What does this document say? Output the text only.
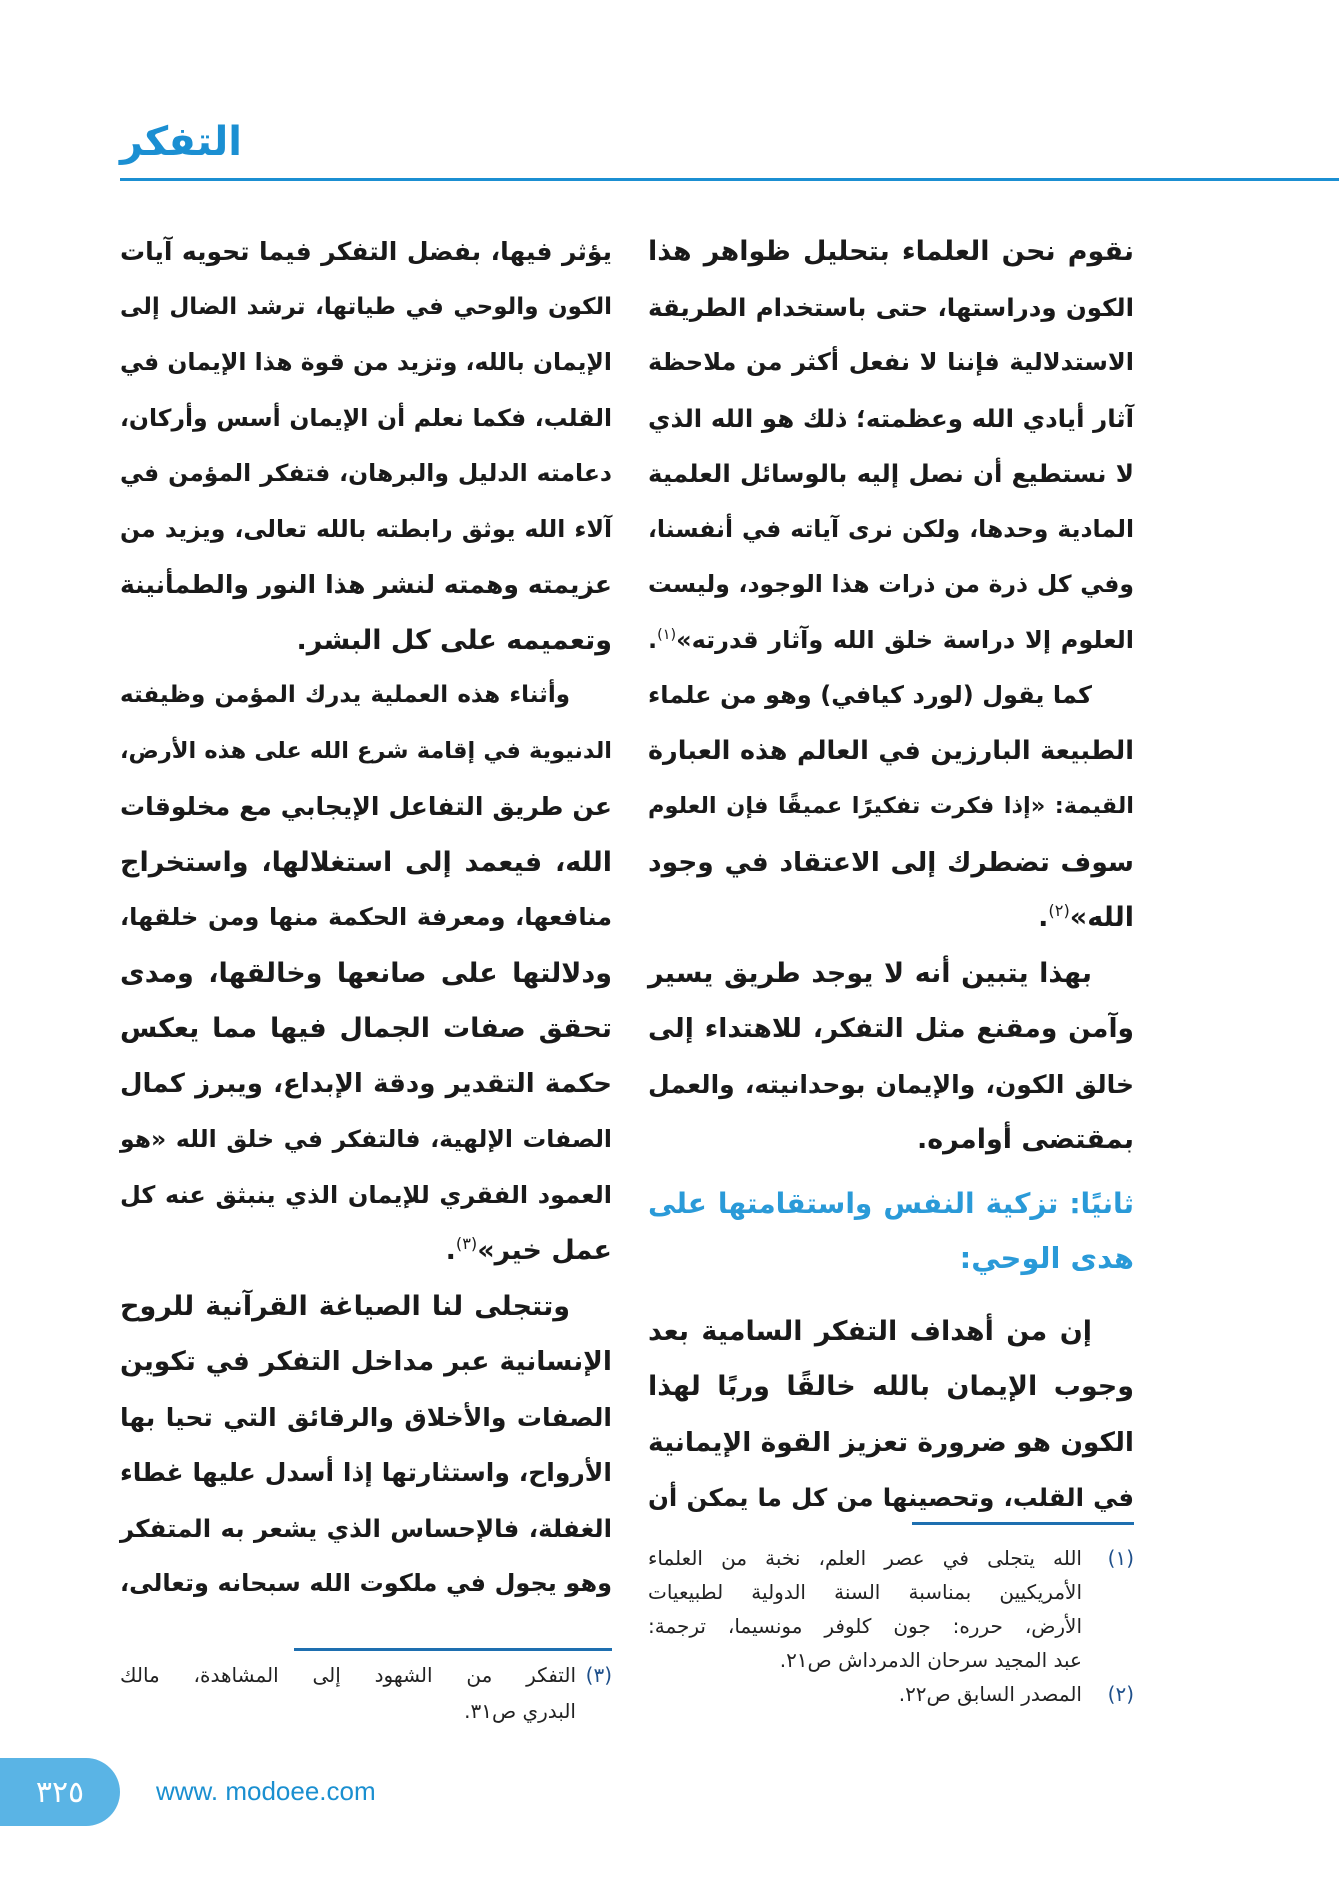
التفكر
نقوم نحن العلماء بتحليل ظواهر هذا
الكون ودراستها، حتى باستخدام الطريقة
الاستدلالية فإننا لا نفعل أكثر من ملاحظة
آثار أيادي الله وعظمته؛ ذلك هو الله الذي
لا نستطيع أن نصل إليه بالوسائل العلمية
المادية وحدها، ولكن نرى آياته في أنفسنا،
وفي كل ذرة من ذرات هذا الوجود، وليست
العلوم إلا دراسة خلق الله وآثار قدرته»$^{(١)}$.
كما يقول (لورد كيافي) وهو من علماء
الطبيعة البارزين في العالم هذه العبارة
القيمة: «إذا فكرت تفكيرًا عميقًا فإن العلوم
سوف تضطرك إلى الاعتقاد في وجود
الله»$^{(٢)}$.
بهذا يتبين أنه لا يوجد طريق يسير
وآمن ومقنع مثل التفكر، للاهتداء إلى
خالق الكون، والإيمان بوحدانيته، والعمل
بمقتضى أوامره.
ثانيًا: تزكية النفس واستقامتها على
هدى الوحي:
إن من أهداف التفكر السامية بعد
وجوب الإيمان بالله خالقًا وربًا لهذا
الكون هو ضرورة تعزيز القوة الإيمانية
في القلب، وتحصينها من كل ما يمكن أن
(١)
الله يتجلى في عصر العلم، نخبة من العلماء
الأمريكيين بمناسبة السنة الدولية لطبيعيات
الأرض، حرره: جون كلوفر مونسيما، ترجمة:
عبد المجيد سرحان الدمرداش ص٢١.
(٢)
المصدر السابق ص٢٢.
يؤثر فيها، بفضل التفكر فيما تحويه آيات
الكون والوحي في طياتها، ترشد الضال إلى
الإيمان بالله، وتزيد من قوة هذا الإيمان في
القلب، فكما نعلم أن الإيمان أسس وأركان،
دعامته الدليل والبرهان، فتفكر المؤمن في
آلاء الله يوثق رابطته بالله تعالى، ويزيد من
عزيمته وهمته لنشر هذا النور والطمأنينة
وتعميمه على كل البشر.
وأثناء هذه العملية يدرك المؤمن وظيفته
الدنيوية في إقامة شرع الله على هذه الأرض،
عن طريق التفاعل الإيجابي مع مخلوقات
الله، فيعمد إلى استغلالها، واستخراج
منافعها، ومعرفة الحكمة منها ومن خلقها،
ودلالتها على صانعها وخالقها، ومدى
تحقق صفات الجمال فيها مما يعكس
حكمة التقدير ودقة الإبداع، ويبرز كمال
الصفات الإلهية، فالتفكر في خلق الله «هو
العمود الفقري للإيمان الذي ينبثق عنه كل
عمل خير»$^{(٣)}$.
وتتجلى لنا الصياغة القرآنية للروح
الإنسانية عبر مداخل التفكر في تكوين
الصفات والأخلاق والرقائق التي تحيا بها
الأرواح، واستثارتها إذا أسدل عليها غطاء
الغفلة، فالإحساس الذي يشعر به المتفكر
وهو يجول في ملكوت الله سبحانه وتعالى،
(٣)
التفكر من الشهود إلى المشاهدة، مالك
البدري ص٣١.
٣٢٥	www. modoee.com
